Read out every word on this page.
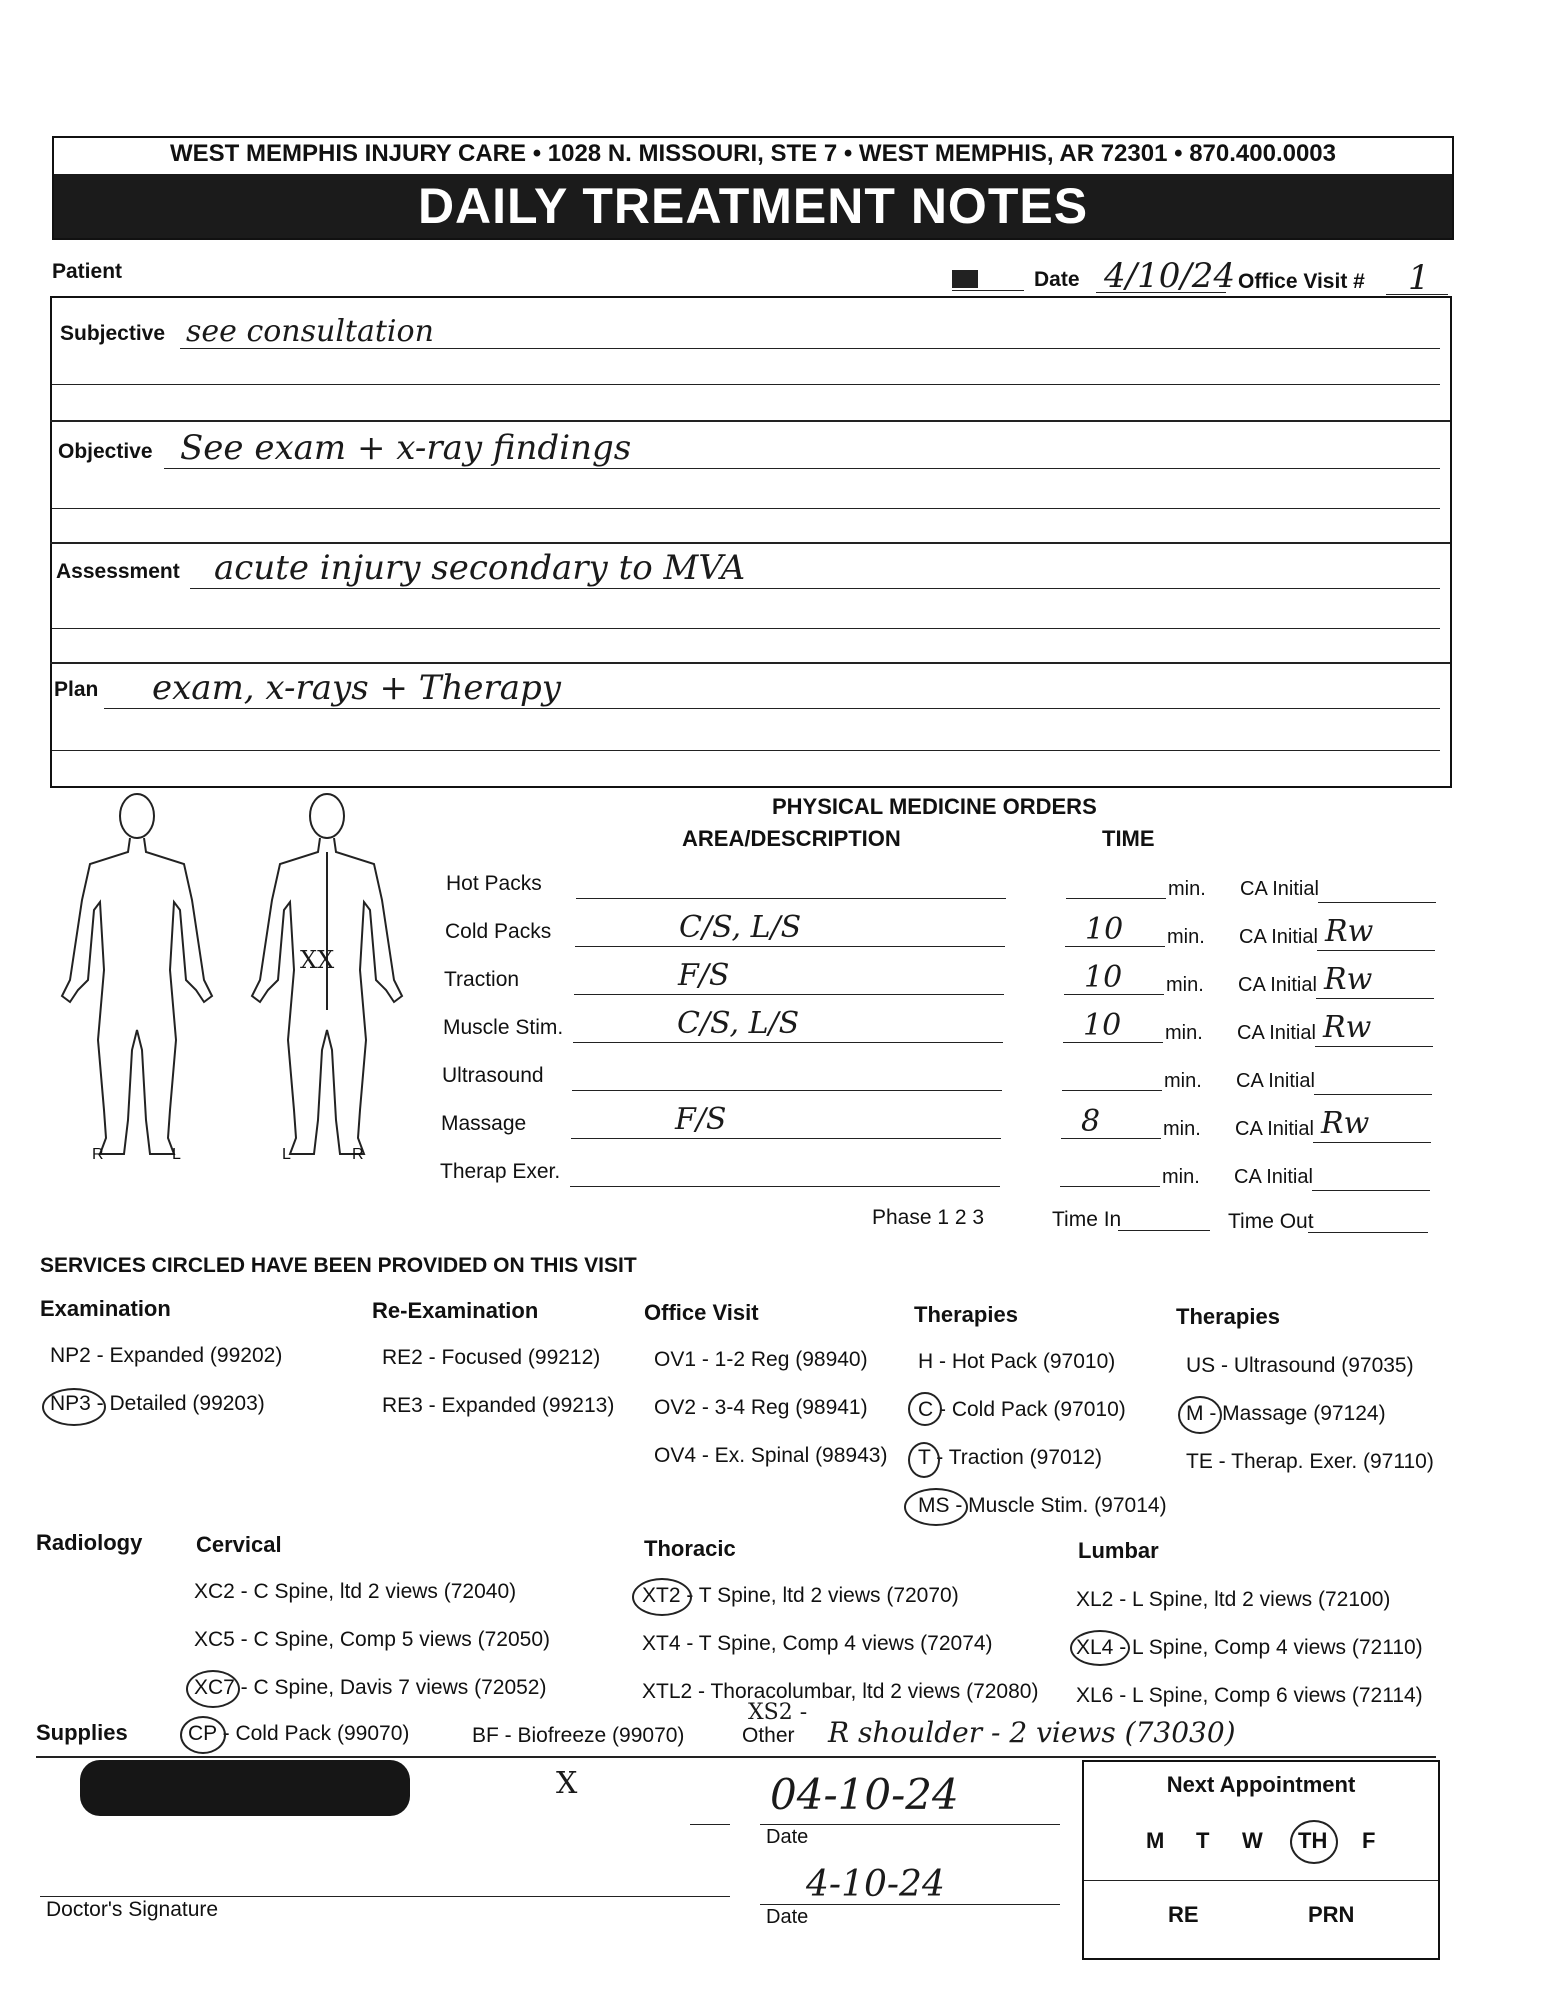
WEST MEMPHIS INJURY CARE • 1028 N. MISSOURI, STE 7 • WEST MEMPHIS, AR 72301 • 870.400.0003
DAILY TREATMENT NOTES
Patient	Date 4/10/24 Office Visit # 1
Subjective see consultation
Objective See exam + x-ray findings
Assessment acute injury secondary to MVA
Plan exam, x-rays + Therapy
XX
R	L	L	R
PHYSICAL MEDICINE ORDERS
AREA/DESCRIPTION	TIME
Hot Packs	min. CA Initial
Cold Packs	C/S, L/S	10 min. CA Initial Rw
Traction	F/S	10 min. CA Initial Rw
Muscle Stim.	C/S, L/S	10 min. CA Initial Rw
Ultrasound	min. CA Initial
Massage	F/S	8	min. CA Initial Rw
Therap Exer.	min. CA Initial
Phase 1 2 3	Time In	Time Out
SERVICES CIRCLED HAVE BEEN PROVIDED ON THIS VISIT
Examination
NP2 - Expanded (99202)
NP3 - Detailed (99203)
Re-Examination
RE2 - Focused (99212)
RE3 - Expanded (99213)
Office Visit
OV1 - 1-2 Reg (98940)
OV2 - 3-4 Reg (98941)
OV4 - Ex. Spinal (98943)
Therapies
H - Hot Pack (97010)
C - Cold Pack (97010)
T - Traction (97012)
MS - Muscle Stim. (97014)
Therapies
US - Ultrasound (97035)
M - Massage (97124)
TE - Therap. Exer. (97110)
Radiology Cervical
XC2 - C Spine, ltd 2 views (72040)
XC5 - C Spine, Comp 5 views (72050)
XC7 - C Spine, Davis 7 views (72052)
Thoracic
XT2 - T Spine, ltd 2 views (72070)
XT4 - T Spine, Comp 4 views (72074)
XTL2 - Thoracolumbar, ltd 2 views (72080)
Lumbar
XL2 - L Spine, ltd 2 views (72100)
XL4 - L Spine, Comp 4 views (72110)
XL6 - L Spine, Comp 6 views (72114)
Supplies	CP - Cold Pack (99070)	BF - Biofreeze (99070)
XS2 -
Other R shoulder - 2 views (73030)
X	04-10-24
Date
4-10-24
Doctor's Signature	Date
Next Appointment
M T W TH F
RE	PRN
